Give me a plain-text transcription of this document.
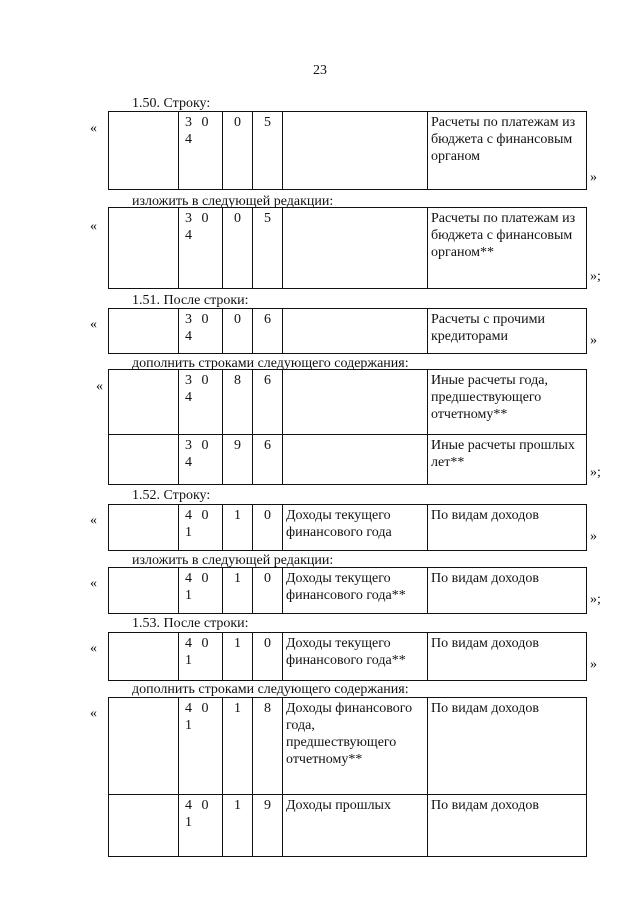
23
1.50. Строку:
«
		3 0 4	0	5		Расчеты по платежам из бюджета с финансовым органом
»
изложить в следующей редакции:
	3 0 4	0	5		Расчеты по платежам из бюджета с финансовым органом**
«
»;
1.51. После строки:
	3 0 4	0	6		Расчеты с прочими кредиторами
«
»
дополнить строками следующего содержания:
	3 0 4	8	6		Иные расчеты года, предшествующего отчетному**
	3 0 4	9	6		Иные расчеты прошлых лет**
«
»;
1.52. Строку:
	4 0 1	1	0	Доходы текущего финансового года	По видам доходов
«
»
изложить в следующей редакции:
	4 0 1	1	0	Доходы текущего финансового года**	По видам доходов
«
»;
1.53. После строки:
	4 0 1	1	0	Доходы текущего финансового года**	По видам доходов
«
»
дополнить строками следующего содержания:
	4 0 1	1	8	Доходы финансового года, предшествующего отчетному**	По видам доходов
	4 0 1	1	9	Доходы прошлых	По видам доходов
«
